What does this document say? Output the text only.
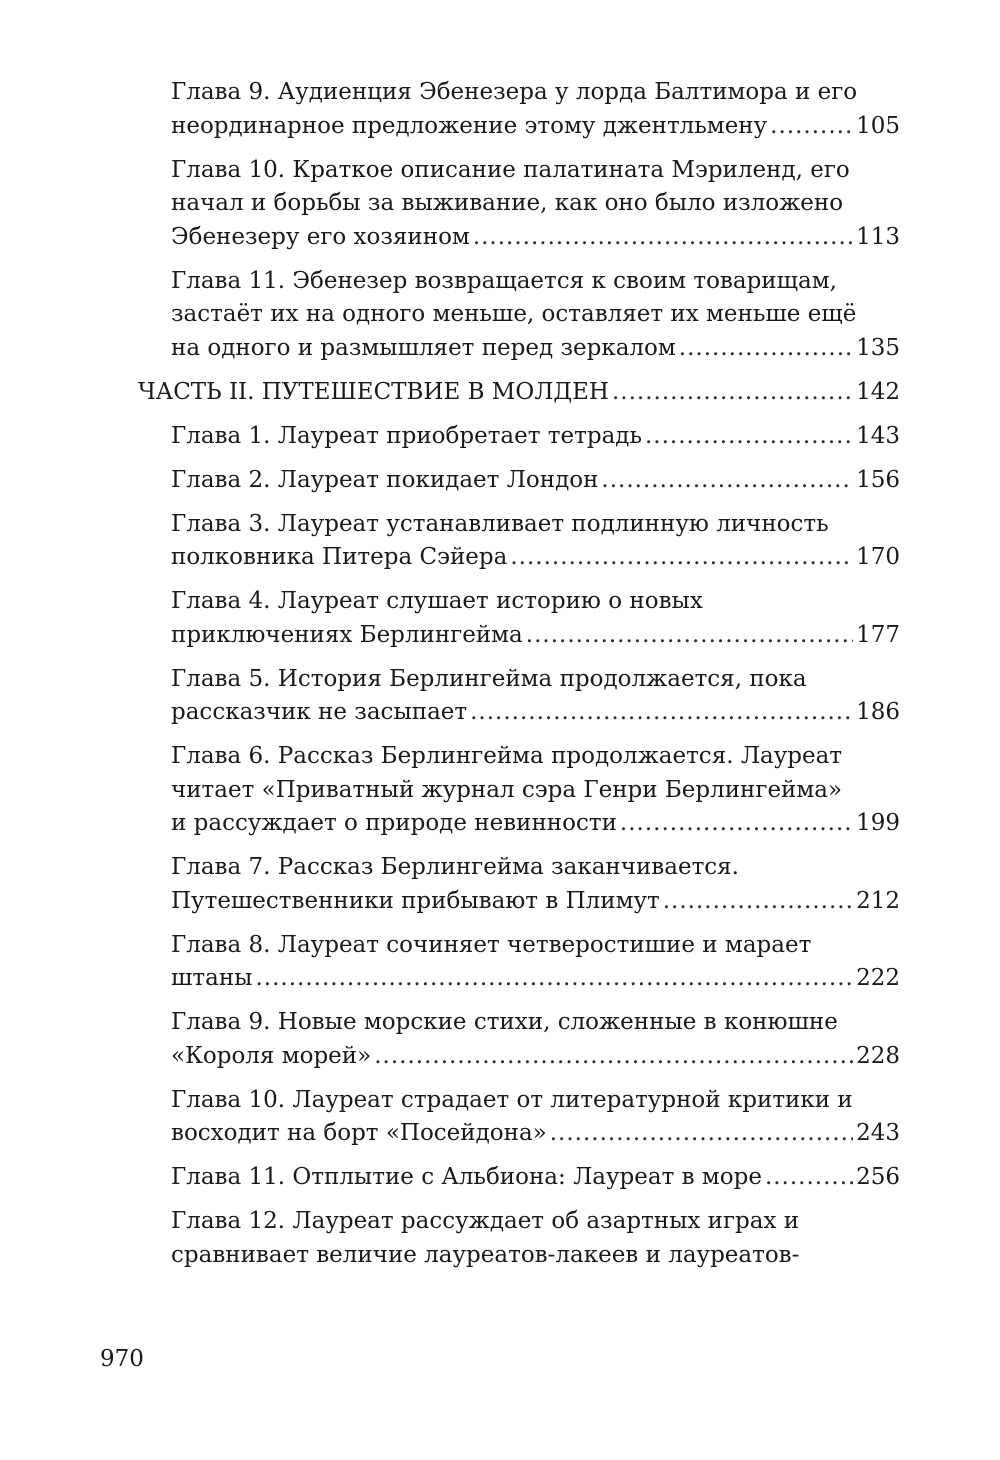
Глава 9. Аудиенция Эбенезера у лорда Балтимора и его
неординарное предложение этому джентльмену .....	105
Глава 10. Краткое описание палатината Мэриленд, его
начал и борьбы за выживание, как оно было изложено
Эбенезеру его хозяином .....	113
Глава 11. Эбенезер возвращается к своим товарищам,
застаёт их на одного меньше, оставляет их меньше ещё
на одного и размышляет перед зеркалом .....	135
ЧАСТЬ II. ПУТЕШЕСТВИЕ В МОЛДЕН .....	142
Глава 1. Лауреат приобретает тетрадь .....	143
Глава 2. Лауреат покидает Лондон .....	156
Глава 3. Лауреат устанавливает подлинную личность
полковника Питера Сэйера .....	170
Глава 4. Лауреат слушает историю о новых
приключениях Берлингейма .....	177
Глава 5. История Берлингейма продолжается, пока
рассказчик не засыпает .....	186
Глава 6. Рассказ Берлингейма продолжается. Лауреат
читает «Приватный журнал сэра Генри Берлингейма»
и рассуждает о природе невинности .....	199
Глава 7. Рассказ Берлингейма заканчивается.
Путешественники прибывают в Плимут .....	212
Глава 8. Лауреат сочиняет четверостишие и марает
штаны .....	222
Глава 9. Новые морские стихи, сложенные в конюшне
«Короля морей» .....	228
Глава 10. Лауреат страдает от литературной критики и
восходит на борт «Посейдона» .....	243
Глава 11. Отплытие с Альбиона: Лауреат в море .....	256
Глава 12. Лауреат рассуждает об азартных играх и
сравнивает величие лауреатов-лакеев и лауреатов-
970
